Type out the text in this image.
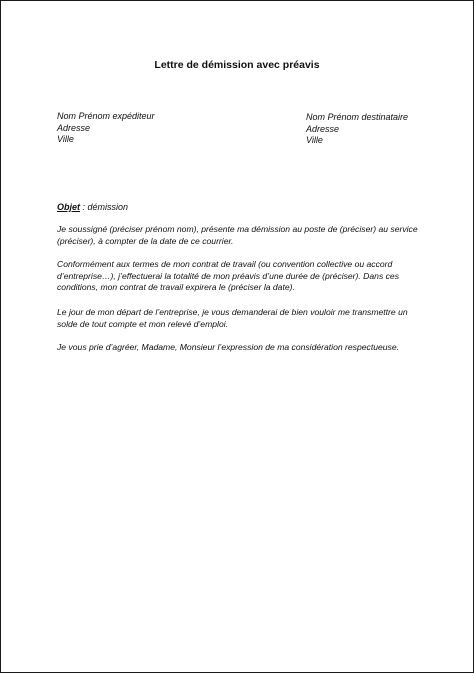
Lettre de démission avec préavis
Nom Prénom expéditeur
Adresse
Ville
Nom Prénom destinataire
Adresse
Ville
Objet : démission

Je soussigné (préciser prénom nom), présente ma démission au poste de (préciser) au service
(préciser), à compter de la date de ce courrier.

Conformément aux termes de mon contrat de travail (ou convention collective ou accord
d’entreprise…), j’effectuerai la totalité de mon préavis d’une durée de (préciser). Dans ces
conditions, mon contrat de travail expirera le (préciser la date).

Le jour de mon départ de l’entreprise, je vous demanderai de bien vouloir me transmettre un
solde de tout compte et mon relevé d’emploi.

Je vous prie d’agréer, Madame, Monsieur l’expression de ma considération respectueuse.
